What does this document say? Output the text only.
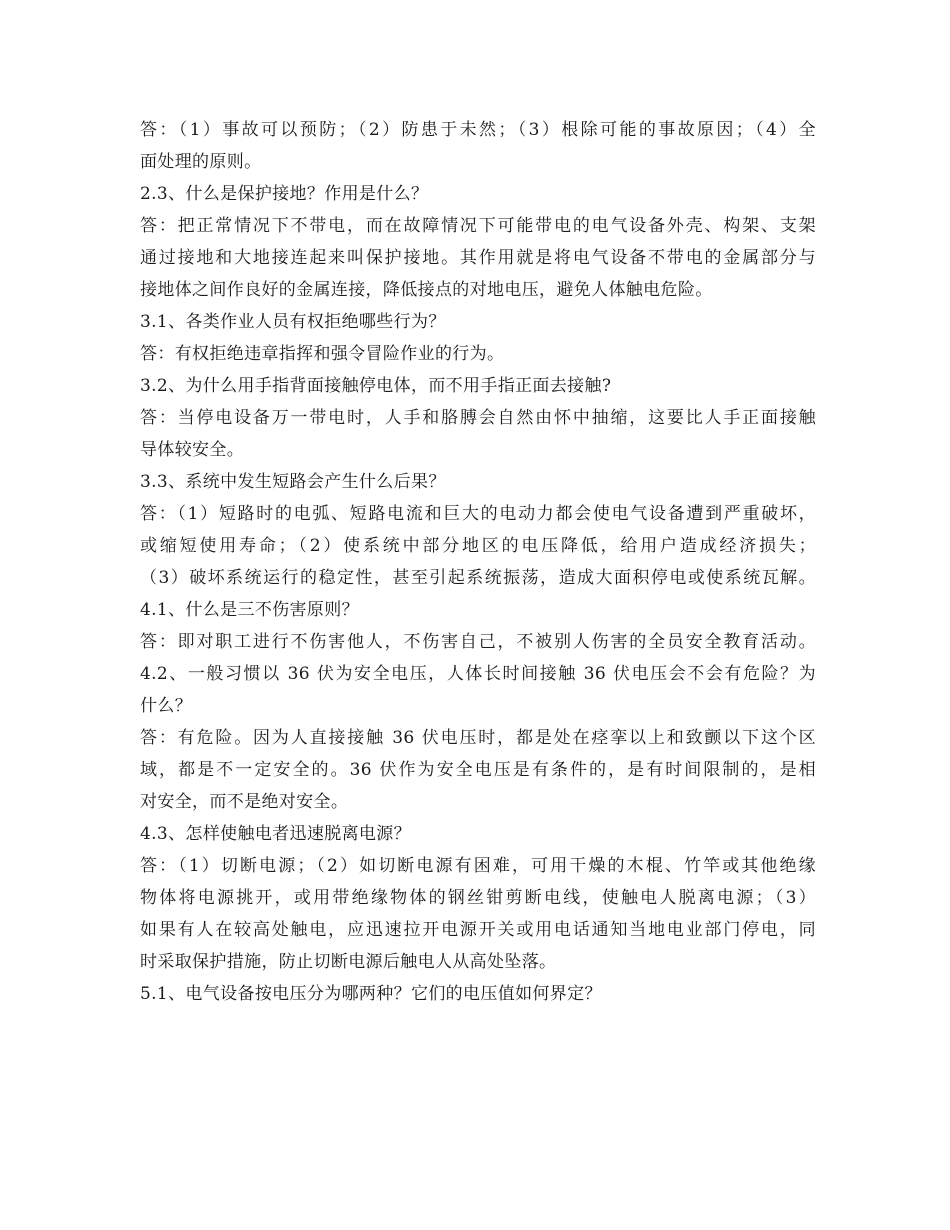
答：（1）事故可以预防；（2）防患于未然；（3）根除可能的事故原因；（4）全
面处理的原则。
2.3、什么是保护接地？作用是什么？
答：把正常情况下不带电，而在故障情况下可能带电的电气设备外壳、构架、支架
通过接地和大地接连起来叫保护接地。其作用就是将电气设备不带电的金属部分与
接地体之间作良好的金属连接，降低接点的对地电压，避免人体触电危险。
3.1、各类作业人员有权拒绝哪些行为？
答：有权拒绝违章指挥和强令冒险作业的行为。
3.2、为什么用手指背面接触停电体，而不用手指正面去接触?
答：当停电设备万一带电时，人手和胳膊会自然由怀中抽缩，这要比人手正面接触
导体较安全。
3.3、系统中发生短路会产生什么后果？
答：（1）短路时的电弧、短路电流和巨大的电动力都会使电气设备遭到严重破坏，
或缩短使用寿命；（2）使系统中部分地区的电压降低，给用户造成经济损失；
（3）破坏系统运行的稳定性，甚至引起系统振荡，造成大面积停电或使系统瓦解。
4.1、什么是三不伤害原则？
答：即对职工进行不伤害他人，不伤害自己，不被别人伤害的全员安全教育活动。
4.2、一般习惯以 36 伏为安全电压，人体长时间接触 36 伏电压会不会有危险？为
什么？
答：有危险。因为人直接接触 36 伏电压时，都是处在痉挛以上和致颤以下这个区
域，都是不一定安全的。36 伏作为安全电压是有条件的，是有时间限制的，是相
对安全，而不是绝对安全。
4.3、怎样使触电者迅速脱离电源？
答：（1）切断电源；（2）如切断电源有困难，可用干燥的木棍、竹竿或其他绝缘
物体将电源挑开，或用带绝缘物体的钢丝钳剪断电线，使触电人脱离电源；（3）
如果有人在较高处触电，应迅速拉开电源开关或用电话通知当地电业部门停电，同
时采取保护措施，防止切断电源后触电人从高处坠落。
5.1、电气设备按电压分为哪两种？它们的电压值如何界定？
